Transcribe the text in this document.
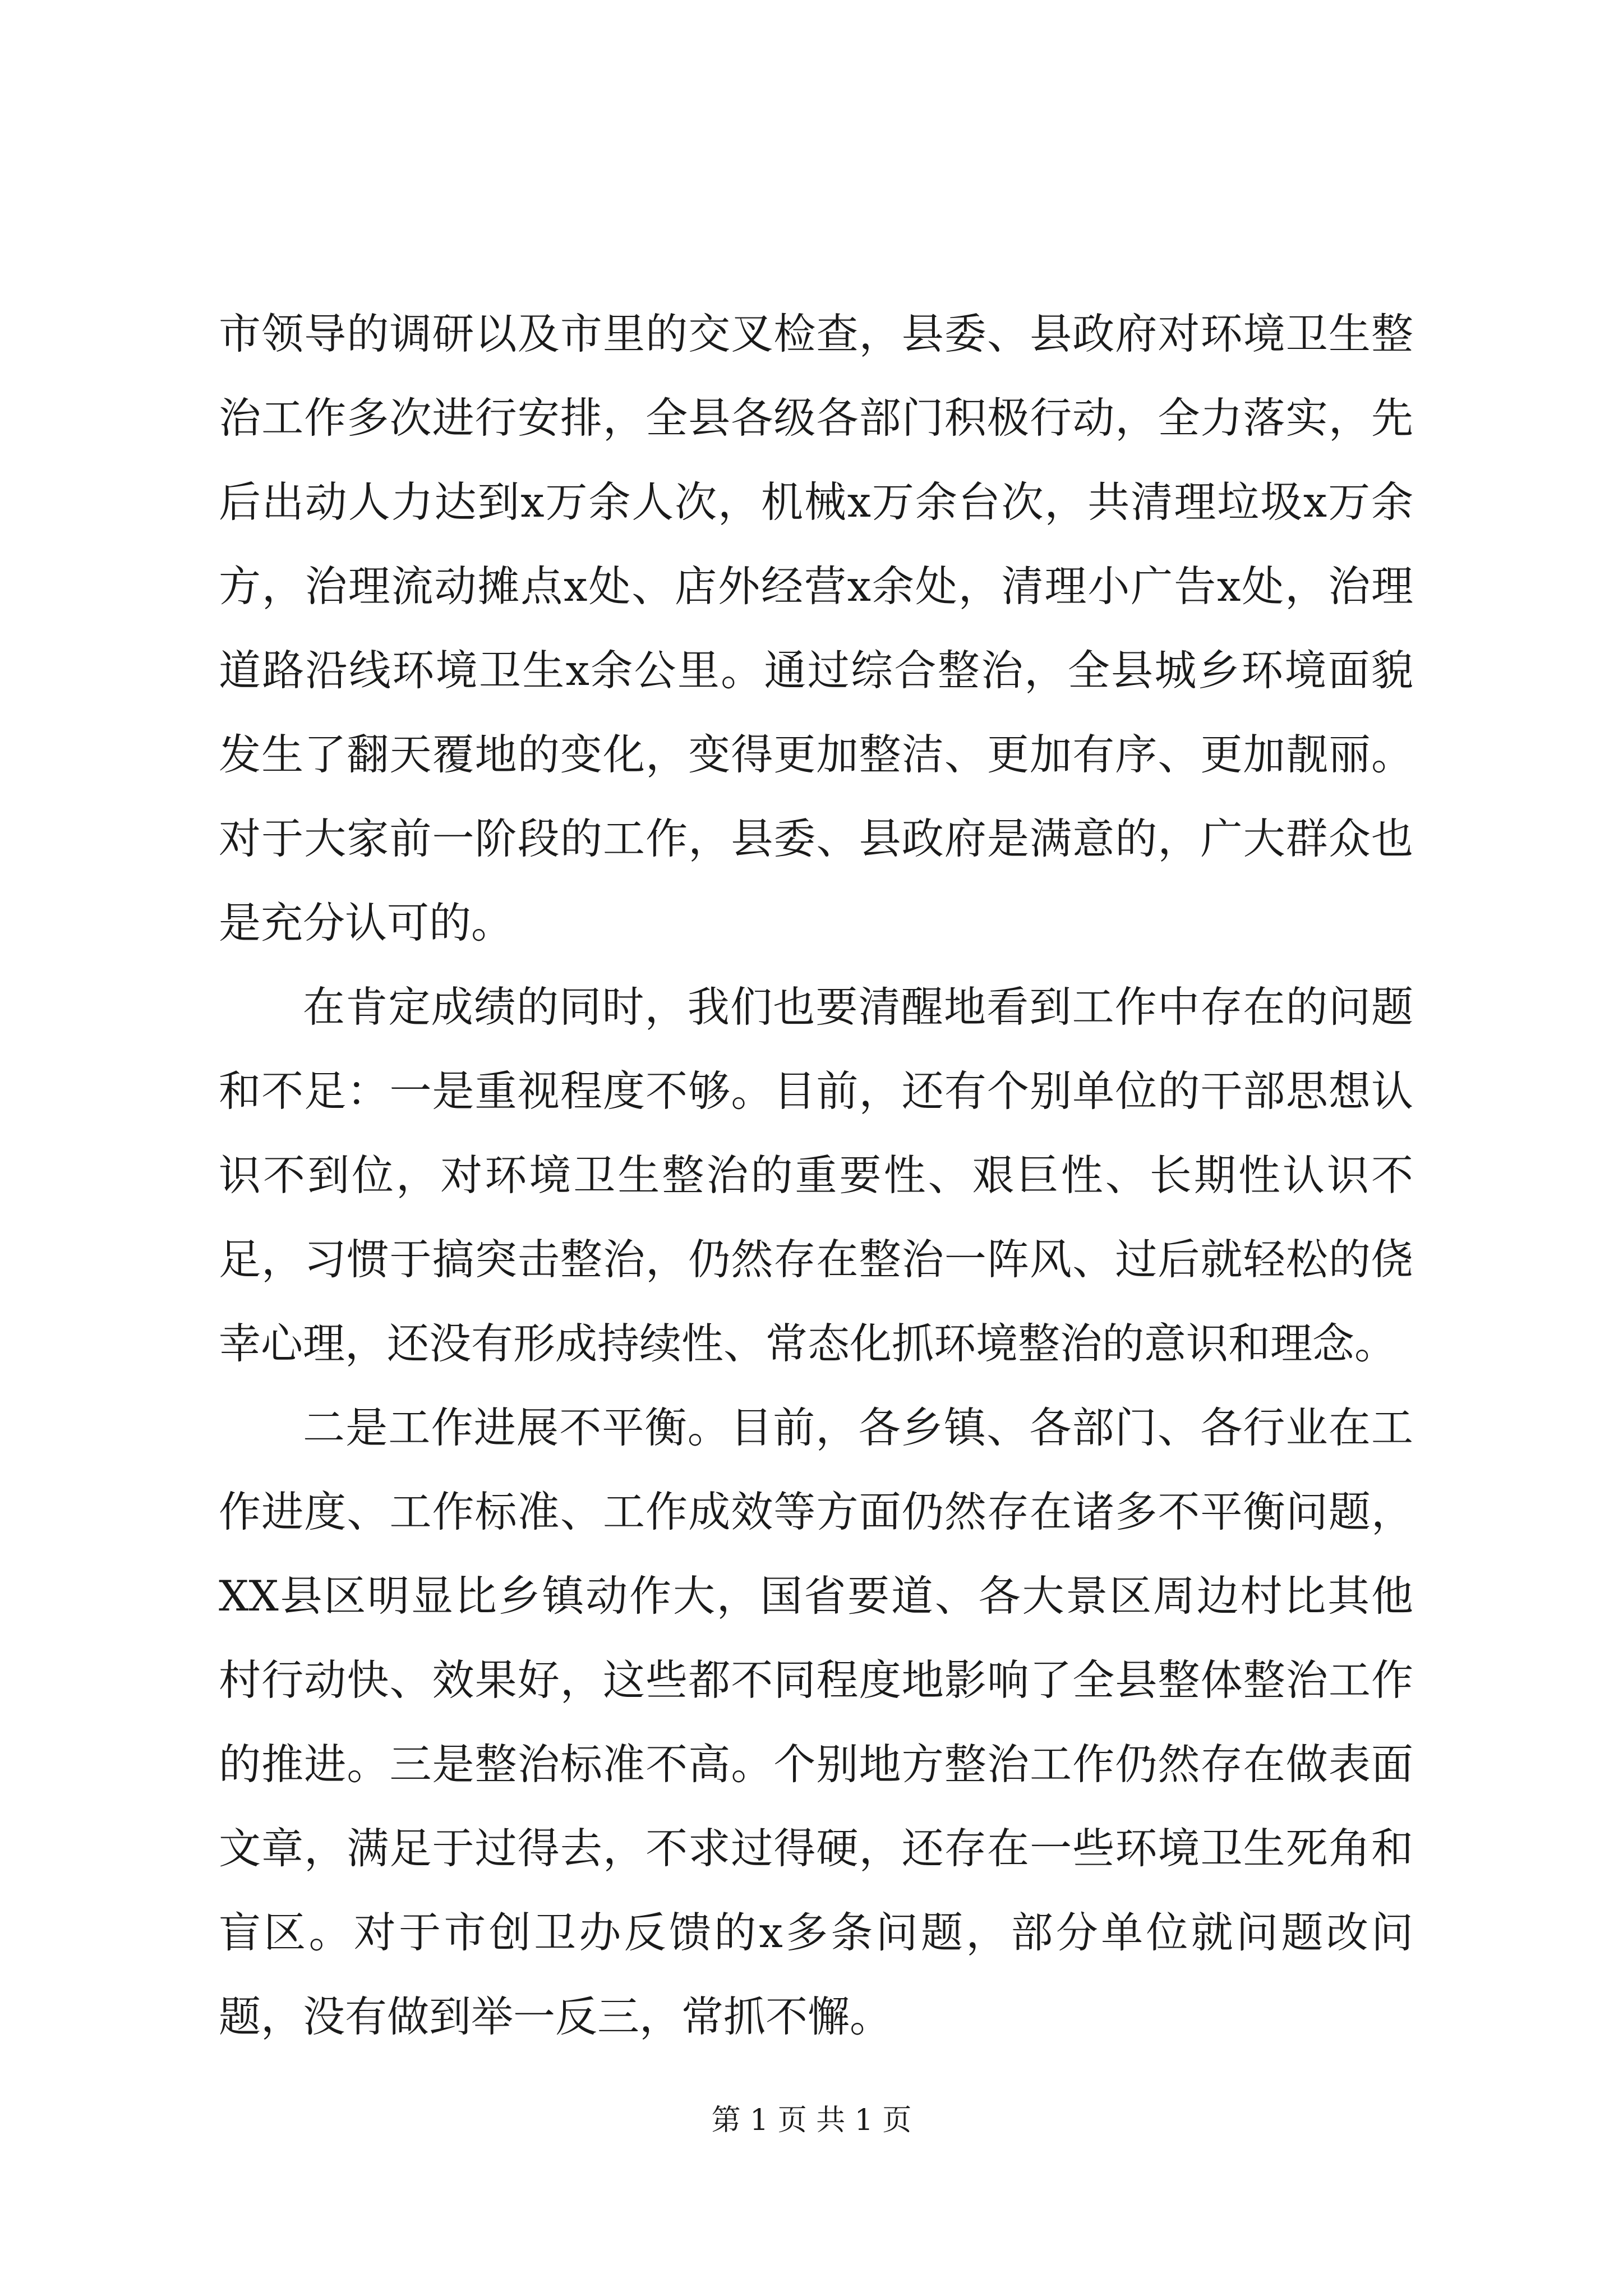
市领导的调研以及市里的交叉检查，县委、县政府对环境卫生整治工作多次进行安排，全县各级各部门积极行动，全力落实，先后出动人力达到x万余人次，机械x万余台次，共清理垃圾x万余方，治理流动摊点x处、店外经营x余处，清理小广告x处，治理道路沿线环境卫生x余公里。通过综合整治，全县城乡环境面貌发生了翻天覆地的变化，变得更加整洁、更加有序、更加靓丽。对于大家前一阶段的工作，县委、县政府是满意的，广大群众也是充分认可的。

在肯定成绩的同时，我们也要清醒地看到工作中存在的问题和不足：一是重视程度不够。目前，还有个别单位的干部思想认识不到位，对环境卫生整治的重要性、艰巨性、长期性认识不足，习惯于搞突击整治，仍然存在整治一阵风、过后就轻松的侥幸心理，还没有形成持续性、常态化抓环境整治的意识和理念。

二是工作进展不平衡。目前，各乡镇、各部门、各行业在工作进度、工作标准、工作成效等方面仍然存在诸多不平衡问题，XX县区明显比乡镇动作大，国省要道、各大景区周边村比其他村行动快、效果好，这些都不同程度地影响了全县整体整治工作的推进。三是整治标准不高。个别地方整治工作仍然存在做表面文章，满足于过得去，不求过得硬，还存在一些环境卫生死角和盲区。对于市创卫办反馈的x多条问题，部分单位就问题改问题，没有做到举一反三，常抓不懈。

第 1 页 共 1 页
